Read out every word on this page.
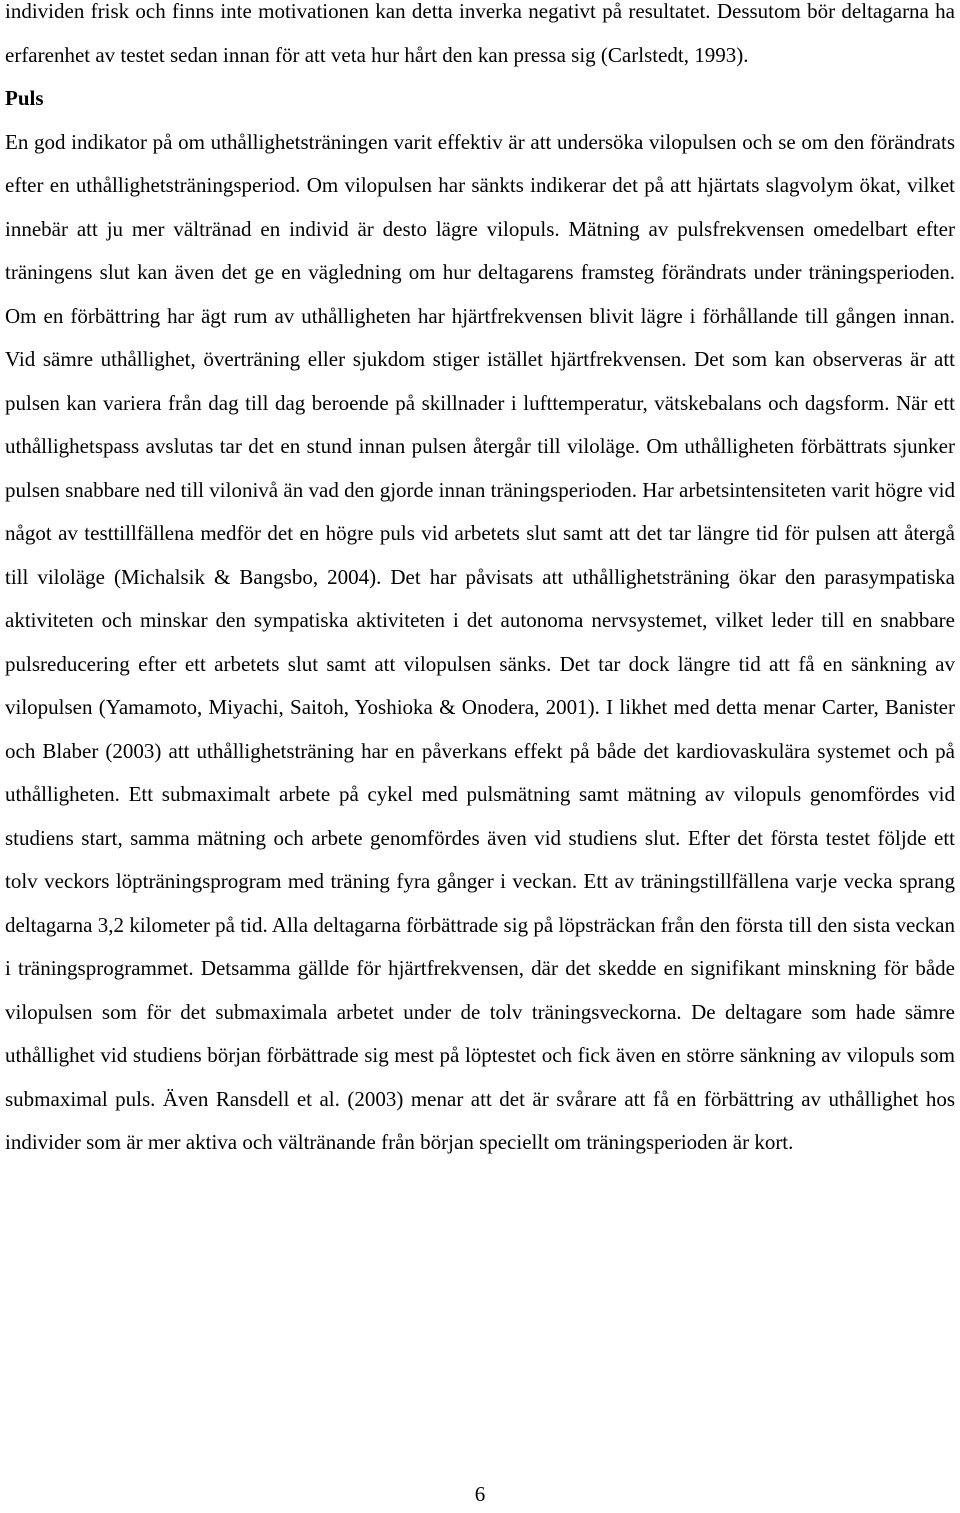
individen frisk och finns inte motivationen kan detta inverka negativt på resultatet. Dessutom bör deltagarna ha erfarenhet av testet sedan innan för att veta hur hårt den kan pressa sig (Carlstedt, 1993).

Puls

En god indikator på om uthållighetsträningen varit effektiv är att undersöka vilopulsen och se om den förändrats efter en uthållighetsträningsperiod. Om vilopulsen har sänkts indikerar det på att hjärtats slagvolym ökat, vilket innebär att ju mer vältränad en individ är desto lägre vilopuls. Mätning av pulsfrekvensen omedelbart efter träningens slut kan även det ge en vägledning om hur deltagarens framsteg förändrats under träningsperioden. Om en förbättring har ägt rum av uthålligheten har hjärtfrekvensen blivit lägre i förhållande till gången innan. Vid sämre uthållighet, överträning eller sjukdom stiger istället hjärtfrekvensen. Det som kan observeras är att pulsen kan variera från dag till dag beroende på skillnader i lufttemperatur, vätskebalans och dagsform. När ett uthållighetspass avslutas tar det en stund innan pulsen återgår till viloläge. Om uthålligheten förbättrats sjunker pulsen snabbare ned till vilonivå än vad den gjorde innan träningsperioden. Har arbetsintensiteten varit högre vid något av testtillfällena medför det en högre puls vid arbetets slut samt att det tar längre tid för pulsen att återgå till viloläge (Michalsik & Bangsbo, 2004). Det har påvisats att uthållighetsträning ökar den parasympatiska aktiviteten och minskar den sympatiska aktiviteten i det autonoma nervsystemet, vilket leder till en snabbare pulsreducering efter ett arbetets slut samt att vilopulsen sänks. Det tar dock längre tid att få en sänkning av vilopulsen (Yamamoto, Miyachi, Saitoh, Yoshioka & Onodera, 2001). I likhet med detta menar Carter, Banister och Blaber (2003) att uthållighetsträning har en påverkans effekt på både det kardiovaskulära systemet och på uthålligheten. Ett submaximalt arbete på cykel med pulsmätning samt mätning av vilopuls genomfördes vid studiens start, samma mätning och arbete genomfördes även vid studiens slut. Efter det första testet följde ett tolv veckors löpträningsprogram med träning fyra gånger i veckan. Ett av träningstillfällena varje vecka sprang deltagarna 3,2 kilometer på tid. Alla deltagarna förbättrade sig på löpsträckan från den första till den sista veckan i träningsprogrammet. Detsamma gällde för hjärtfrekvensen, där det skedde en signifikant minskning för både vilopulsen som för det submaximala arbetet under de tolv träningsveckorna. De deltagare som hade sämre uthållighet vid studiens början förbättrade sig mest på löptestet och fick även en större sänkning av vilopuls som submaximal puls. Även Ransdell et al. (2003) menar att det är svårare att få en förbättring av uthållighet hos individer som är mer aktiva och vältränande från början speciellt om träningsperioden är kort.

6
